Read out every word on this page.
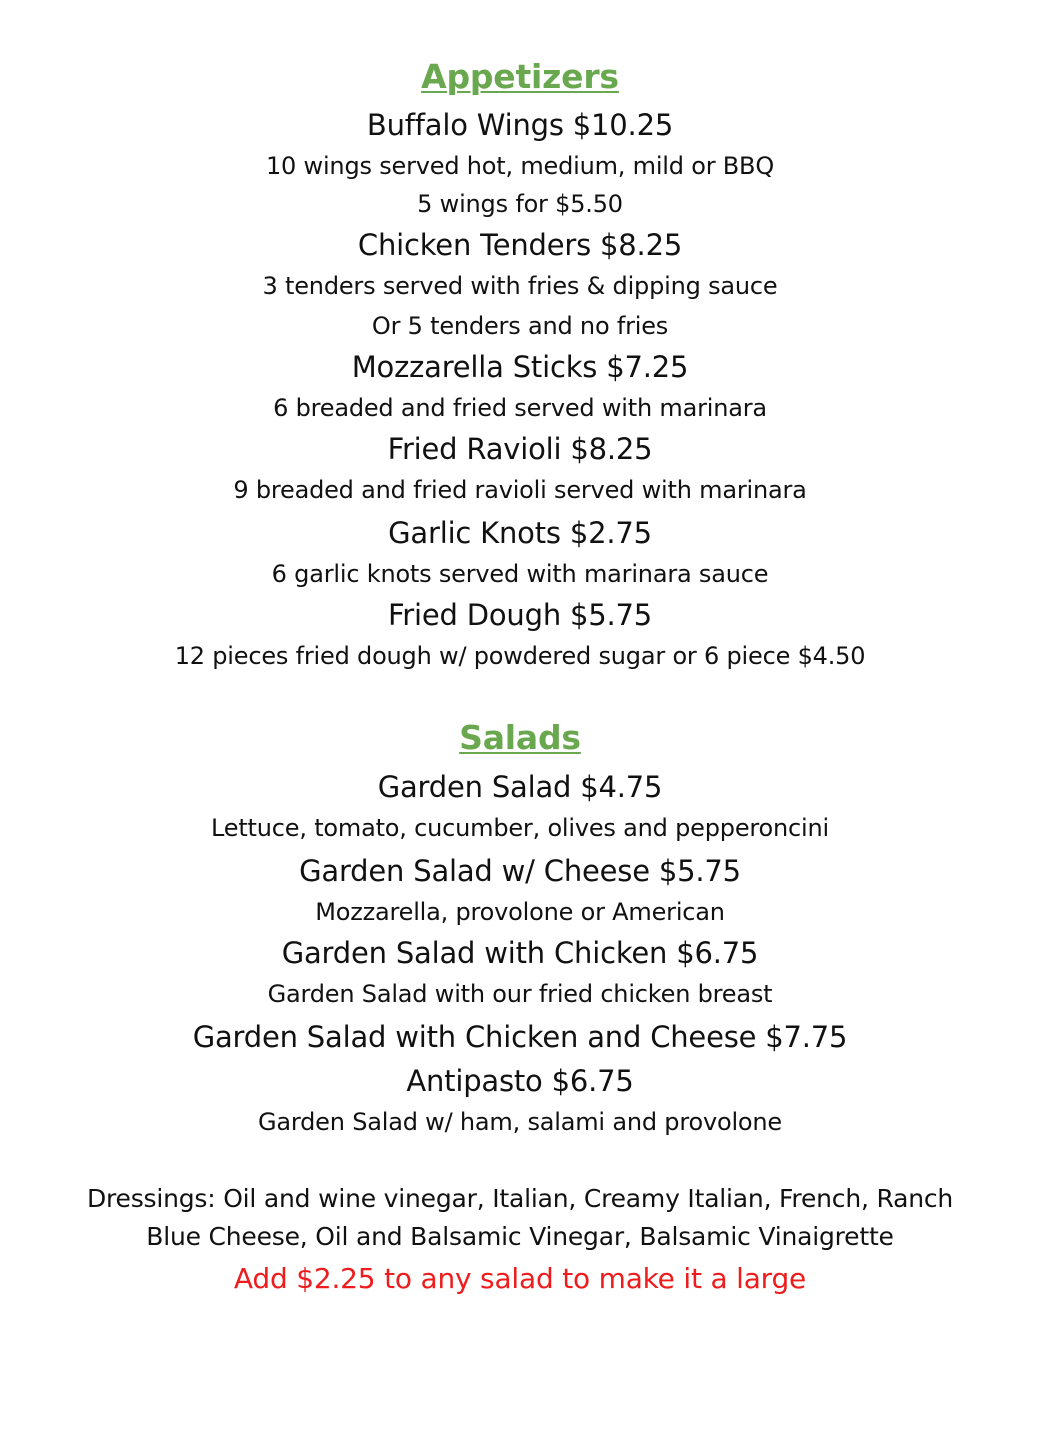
Appetizers
Buffalo Wings $10.25
10 wings served hot, medium, mild or BBQ
5 wings for $5.50
Chicken Tenders $8.25
3 tenders served with fries & dipping sauce
Or 5 tenders and no fries
Mozzarella Sticks $7.25
6 breaded and fried served with marinara
Fried Ravioli $8.25
9 breaded and fried ravioli served with marinara
Garlic Knots $2.75
6 garlic knots served with marinara sauce
Fried Dough $5.75
12 pieces fried dough w/ powdered sugar or 6 piece $4.50
Salads
Garden Salad $4.75
Lettuce, tomato, cucumber, olives and pepperoncini
Garden Salad w/ Cheese $5.75
Mozzarella, provolone or American
Garden Salad with Chicken $6.75
Garden Salad with our fried chicken breast
Garden Salad with Chicken and Cheese $7.75
Antipasto $6.75
Garden Salad w/ ham, salami and provolone
Dressings: Oil and wine vinegar, Italian, Creamy Italian, French, Ranch
Blue Cheese, Oil and Balsamic Vinegar, Balsamic Vinaigrette
Add $2.25 to any salad to make it a large
